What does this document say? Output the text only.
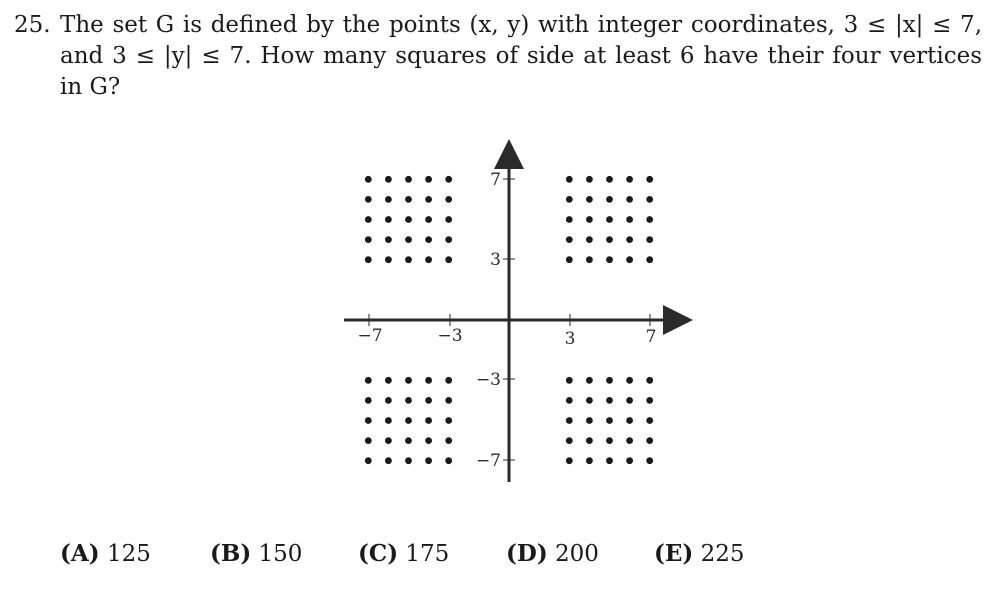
25. The set G is defined by the points (x, y) with integer coordinates, 3 ≤ |x| ≤ 7, and 3 ≤ |y| ≤ 7. How many squares of side at least 6 have their four vertices in G?
−7	−3	3	7
7
3
−3
−7
(A) 125	(B) 150	(C) 175	(D) 200	(E) 225
